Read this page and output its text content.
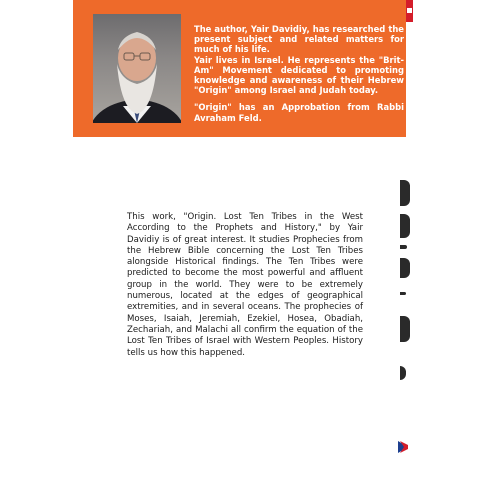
The author, Yair Davidiy, has researched the present subject and related matters for much of his life.

Yair lives in Israel. He represents the "Brit-Am" Movement dedicated to promoting knowledge and awareness of their Hebrew "Origin" among Israel and Judah today.

"Origin" has an Approbation from Rabbi Avraham Feld.

This work, "Origin. Lost Ten Tribes in the West According to the Prophets and History," by Yair Davidiy is of great interest. It studies Prophecies from the Hebrew Bible concerning the Lost Ten Tribes alongside Historical findings. The Ten Tribes were predicted to become the most powerful and affluent group in the world. They were to be extremely numerous, located at the edges of geographical extremities, and in several oceans. The prophecies of Moses, Isaiah, Jeremiah, Ezekiel, Hosea, Obadiah, Zechariah, and Malachi all confirm the equation of the Lost Ten Tribes of Israel with Western Peoples. History tells us how this happened.
